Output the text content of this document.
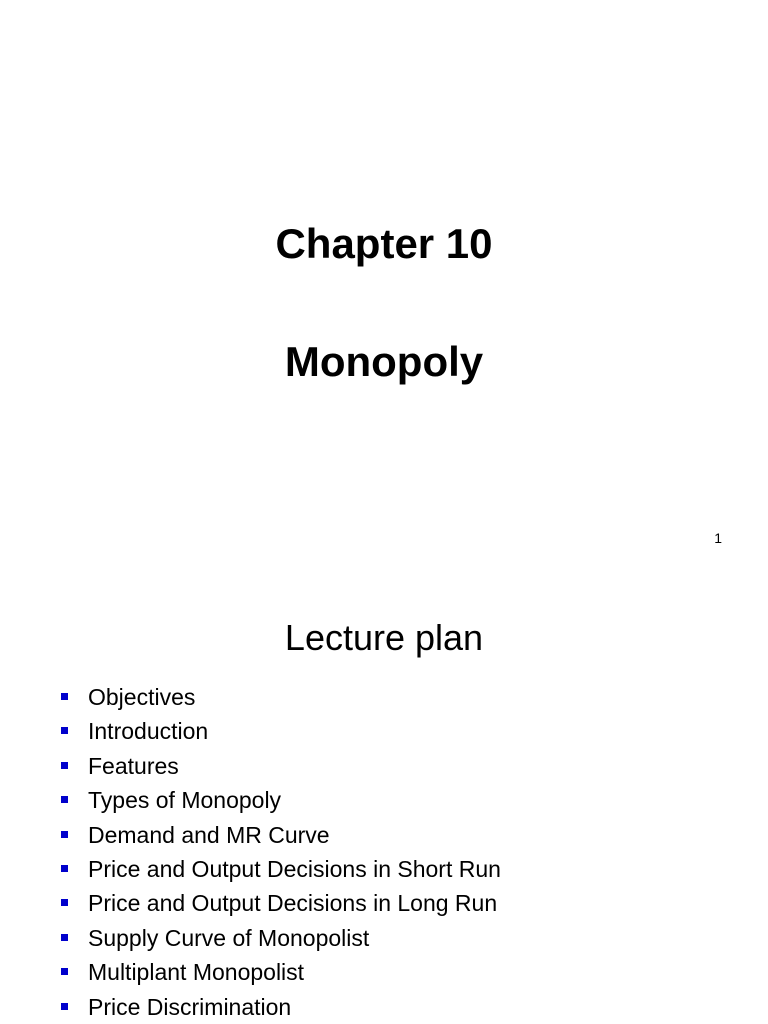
Chapter 10
Monopoly
1
Lecture plan
Objectives
Introduction
Features
Types of Monopoly
Demand and MR Curve
Price and Output Decisions in Short Run
Price and Output Decisions in Long Run
Supply Curve of Monopolist
Multiplant Monopolist
Price Discrimination
